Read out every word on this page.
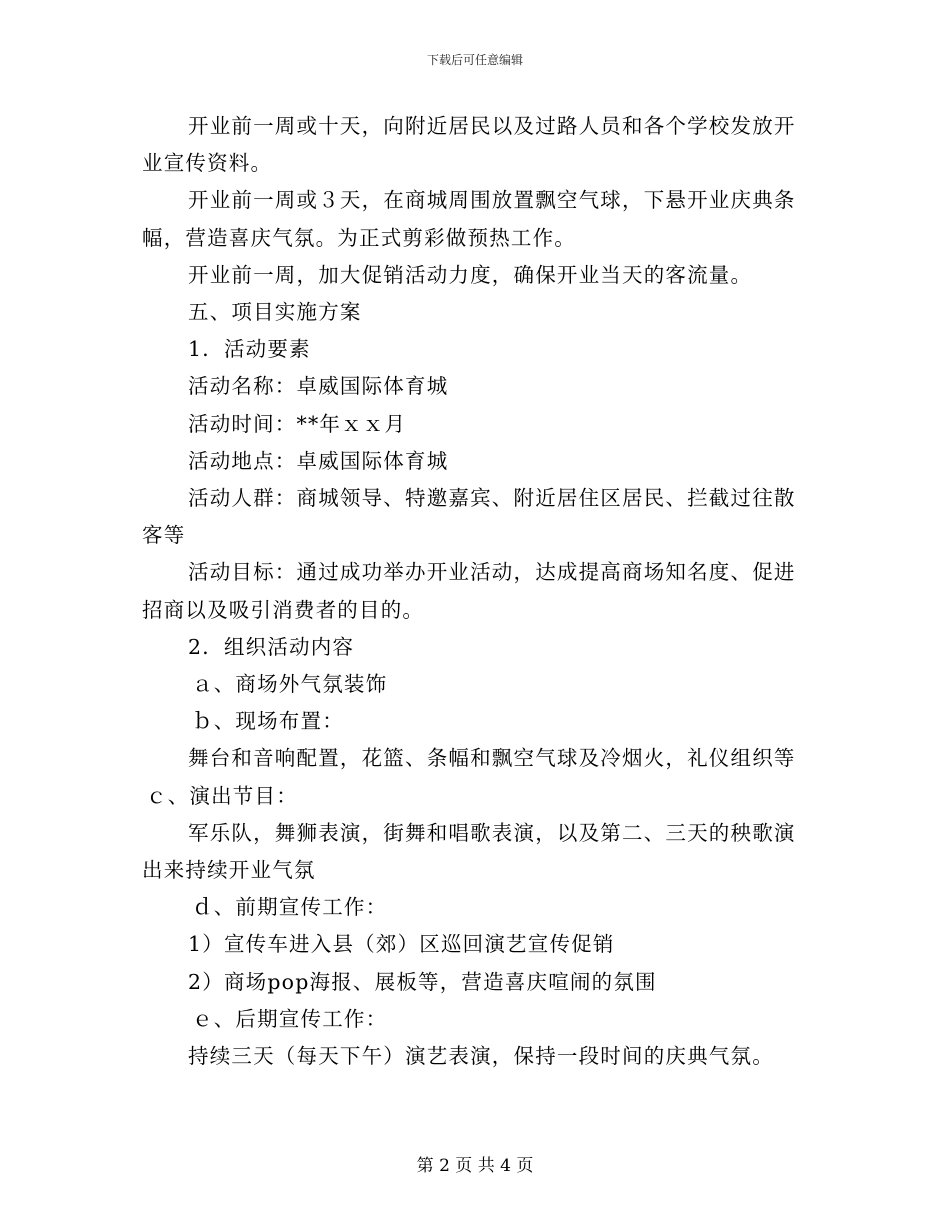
下载后可任意编辑

开业前一周或十天，向附近居民以及过路人员和各个学校发放开业宣传资料。

开业前一周或３天，在商城周围放置飘空气球，下悬开业庆典条幅，营造喜庆气氛。为正式剪彩做预热工作。

开业前一周，加大促销活动力度，确保开业当天的客流量。

五、项目实施方案

1．活动要素

活动名称：卓威国际体育城

活动时间：**年ｘｘ月

活动地点：卓威国际体育城

活动人群：商城领导、特邀嘉宾、附近居住区居民、拦截过往散客等

活动目标：通过成功举办开业活动，达成提高商场知名度、促进招商以及吸引消费者的目的。

2．组织活动内容

ａ、商场外气氛装饰

ｂ、现场布置：

舞台和音响配置，花篮、条幅和飘空气球及冷烟火，礼仪组织等

ｃ、演出节目：

军乐队，舞狮表演，街舞和唱歌表演，以及第二、三天的秧歌演出来持续开业气氛

ｄ、前期宣传工作：

1）宣传车进入县（郊）区巡回演艺宣传促销

2）商场pop海报、展板等，营造喜庆喧闹的氛围

ｅ、后期宣传工作：

持续三天（每天下午）演艺表演，保持一段时间的庆典气氛。

第 2 页 共 4 页
